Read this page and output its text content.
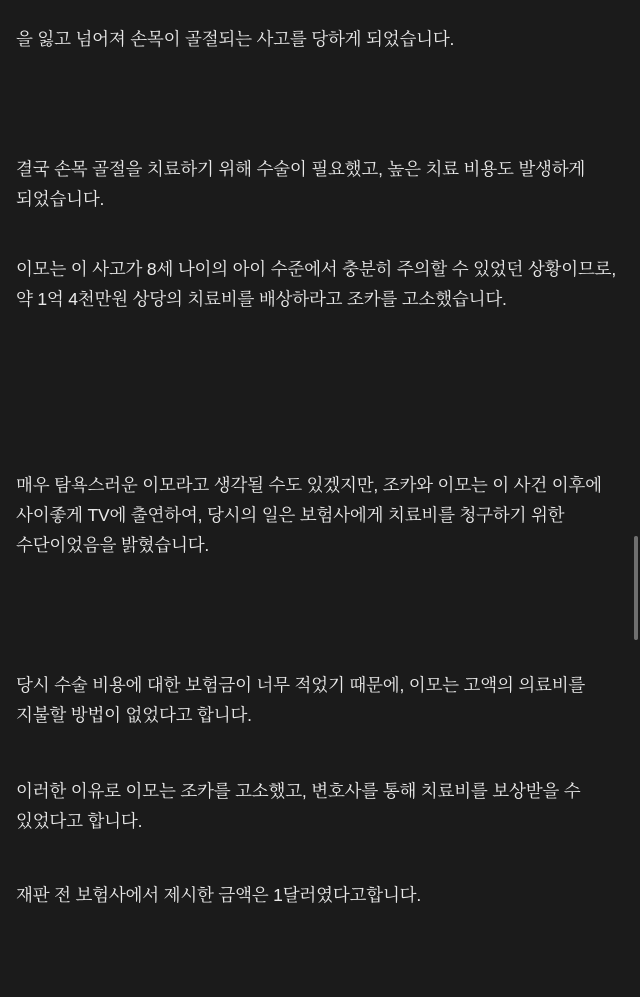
을 잃고 넘어져 손목이 골절되는 사고를 당하게 되었습니다.

결국 손목 골절을 치료하기 위해 수술이 필요했고, 높은 치료 비용도 발생하게 되었습니다.

이모는 이 사고가 8세 나이의 아이 수준에서 충분히 주의할 수 있었던 상황이므로, 약 1억 4천만원 상당의 치료비를 배상하라고 조카를 고소했습니다.

매우 탐욕스러운 이모라고 생각될 수도 있겠지만, 조카와 이모는 이 사건 이후에 사이좋게 TV에 출연하여, 당시의 일은 보험사에게 치료비를 청구하기 위한 수단이었음을 밝혔습니다.

당시 수술 비용에 대한 보험금이 너무 적었기 때문에, 이모는 고액의 의료비를 지불할 방법이 없었다고 합니다.

이러한 이유로 이모는 조카를 고소했고, 변호사를 통해 치료비를 보상받을 수 있었다고 합니다.

재판 전 보험사에서 제시한 금액은 1달러였다고합니다.
